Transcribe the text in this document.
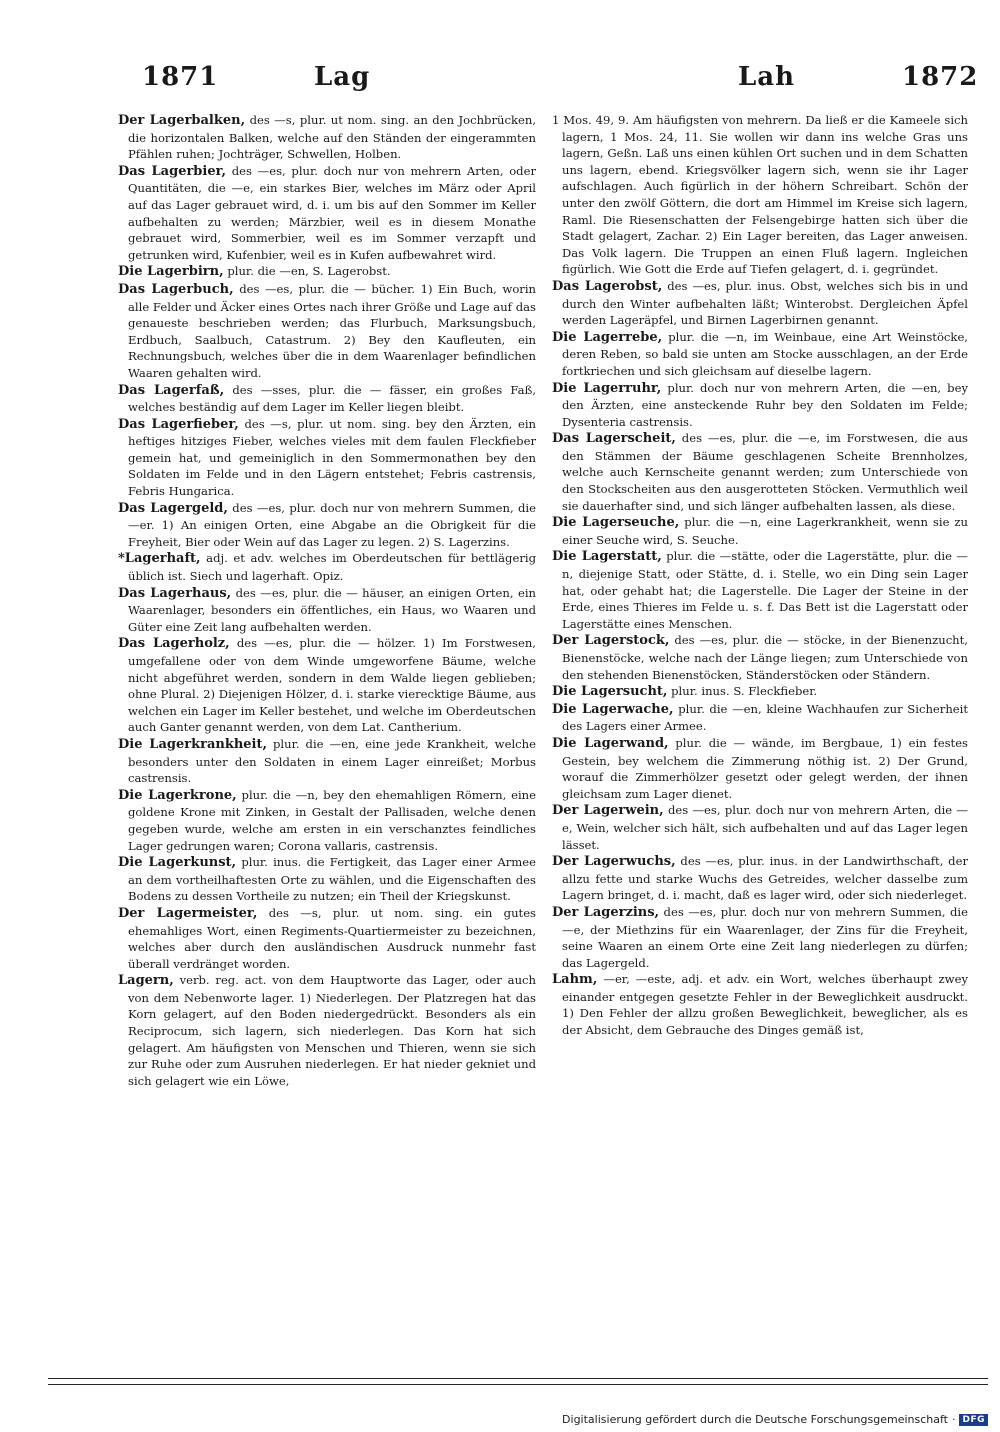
1871	Lag	Lah	1872

Der Lagerbalken, des —s, plur. ut nom. sing. an den Jochbrücken, die horizontalen Balken, welche auf den Ständen der eingerammten Pfählen ruhen; Jochträger, Schwellen, Holben.

Das Lagerbier, des —es, plur. doch nur von mehrern Arten, oder Quantitäten, die —e, ein starkes Bier, welches im März oder April auf das Lager gebrauet wird, d. i. um bis auf den Sommer im Keller aufbehalten zu werden; Märzbier, weil es in diesem Monathe gebrauet wird, Sommerbier, weil es im Sommer verzapft und getrunken wird, Kufenbier, weil es in Kufen aufbewahret wird.

Die Lagerbirn, plur. die —en, S. Lagerobst.

Das Lagerbuch, des —es, plur. die — bücher. 1) Ein Buch, worin alle Felder und Äcker eines Ortes nach ihrer Größe und Lage auf das genaueste beschrieben werden; das Flurbuch, Marksungsbuch, Erdbuch, Saalbuch, Catastrum. 2) Bey den Kaufleuten, ein Rechnungsbuch, welches über die in dem Waarenlager befindlichen Waaren gehalten wird.

Das Lagerfaß, des —sses, plur. die — fässer, ein großes Faß, welches beständig auf dem Lager im Keller liegen bleibt.

Das Lagerfieber, des —s, plur. ut nom. sing. bey den Ärzten, ein heftiges hitziges Fieber, welches vieles mit dem faulen Fleckfieber gemein hat, und gemeiniglich in den Sommermonathen bey den Soldaten im Felde und in den Lägern entstehet; Febris castrensis, Febris Hungarica.

Das Lagergeld, des —es, plur. doch nur von mehrern Summen, die —er. 1) An einigen Orten, eine Abgabe an die Obrigkeit für die Freyheit, Bier oder Wein auf das Lager zu legen. 2) S. Lagerzins.

*Lagerhaft, adj. et adv. welches im Oberdeutschen für bettlägerig üblich ist. Siech und lagerhaft. Opiz.

Das Lagerhaus, des —es, plur. die — häuser, an einigen Orten, ein Waarenlager, besonders ein öffentliches, ein Haus, wo Waaren und Güter eine Zeit lang aufbehalten werden.

Das Lagerholz, des —es, plur. die — hölzer. 1) Im Forstwesen, umgefallene oder von dem Winde umgeworfene Bäume, welche nicht abgeführet werden, sondern in dem Walde liegen geblieben; ohne Plural. 2) Diejenigen Hölzer, d. i. starke vierecktige Bäume, aus welchen ein Lager im Keller bestehet, und welche im Oberdeutschen auch Ganter genannt werden, von dem Lat. Cantherium.

Die Lagerkrankheit, plur. die —en, eine jede Krankheit, welche besonders unter den Soldaten in einem Lager einreißet; Morbus castrensis.

Die Lagerkrone, plur. die —n, bey den ehemahligen Römern, eine goldene Krone mit Zinken, in Gestalt der Pallisaden, welche denen gegeben wurde, welche am ersten in ein verschanztes feindliches Lager gedrungen waren; Corona vallaris, castrensis.

Die Lagerkunst, plur. inus. die Fertigkeit, das Lager einer Armee an dem vortheilhaftesten Orte zu wählen, und die Eigenschaften des Bodens zu dessen Vortheile zu nutzen; ein Theil der Kriegskunst.

Der Lagermeister, des —s, plur. ut nom. sing. ein gutes ehemahliges Wort, einen Regiments-Quartiermeister zu bezeichnen, welches aber durch den ausländischen Ausdruck nunmehr fast überall verdränget worden.

Lagern, verb. reg. act. von dem Hauptworte das Lager, oder auch von dem Nebenworte lager. 1) Niederlegen. Der Platzregen hat das Korn gelagert, auf den Boden niedergedrückt. Besonders als ein Reciprocum, sich lagern, sich niederlegen. Das Korn hat sich gelagert. Am häufigsten von Menschen und Thieren, wenn sie sich zur Ruhe oder zum Ausruhen niederlegen. Er hat nieder gekniet und sich gelagert wie ein Löwe,

1 Mos. 49, 9. Am häufigsten von mehrern. Da ließ er die Kameele sich lagern, 1 Mos. 24, 11. Sie wollen wir dann ins welche Gras uns lagern, Geßn. Laß uns einen kühlen Ort suchen und in dem Schatten uns lagern, ebend. Kriegsvölker lagern sich, wenn sie ihr Lager aufschlagen. Auch figürlich in der höhern Schreibart. Schön der unter den zwölf Göttern, die dort am Himmel im Kreise sich lagern, Raml. Die Riesenschatten der Felsengebirge hatten sich über die Stadt gelagert, Zachar. 2) Ein Lager bereiten, das Lager anweisen. Das Volk lagern. Die Truppen an einen Fluß lagern. Ingleichen figürlich. Wie Gott die Erde auf Tiefen gelagert, d. i. gegründet.

Das Lagerobst, des —es, plur. inus. Obst, welches sich bis in und durch den Winter aufbehalten läßt; Winterobst. Dergleichen Äpfel werden Lageräpfel, und Birnen Lagerbirnen genannt.

Die Lagerrebe, plur. die —n, im Weinbaue, eine Art Weinstöcke, deren Reben, so bald sie unten am Stocke ausschlagen, an der Erde fortkriechen und sich gleichsam auf dieselbe lagern.

Die Lagerruhr, plur. doch nur von mehrern Arten, die —en, bey den Ärzten, eine ansteckende Ruhr bey den Soldaten im Felde; Dysenteria castrensis.

Das Lagerscheit, des —es, plur. die —e, im Forstwesen, die aus den Stämmen der Bäume geschlagenen Scheite Brennholzes, welche auch Kernscheite genannt werden; zum Unterschiede von den Stockscheiten aus den ausgerotteten Stöcken. Vermuthlich weil sie dauerhafter sind, und sich länger aufbehalten lassen, als diese.

Die Lagerseuche, plur. die —n, eine Lagerkrankheit, wenn sie zu einer Seuche wird, S. Seuche.

Die Lagerstatt, plur. die —stätte, oder die Lagerstätte, plur. die —n, diejenige Statt, oder Stätte, d. i. Stelle, wo ein Ding sein Lager hat, oder gehabt hat; die Lagerstelle. Die Lager der Steine in der Erde, eines Thieres im Felde u. s. f. Das Bett ist die Lagerstatt oder Lagerstätte eines Menschen.

Der Lagerstock, des —es, plur. die — stöcke, in der Bienenzucht, Bienenstöcke, welche nach der Länge liegen; zum Unterschiede von den stehenden Bienenstöcken, Ständerstöcken oder Ständern.

Die Lagersucht, plur. inus. S. Fleckfieber.

Die Lagerwache, plur. die —en, kleine Wachhaufen zur Sicherheit des Lagers einer Armee.

Die Lagerwand, plur. die — wände, im Bergbaue, 1) ein festes Gestein, bey welchem die Zimmerung nöthig ist. 2) Der Grund, worauf die Zimmerhölzer gesetzt oder gelegt werden, der ihnen gleichsam zum Lager dienet.

Der Lagerwein, des —es, plur. doch nur von mehrern Arten, die —e, Wein, welcher sich hält, sich aufbehalten und auf das Lager legen lässet.

Der Lagerwuchs, des —es, plur. inus. in der Landwirthschaft, der allzu fette und starke Wuchs des Getreides, welcher dasselbe zum Lagern bringet, d. i. macht, daß es lager wird, oder sich niederleget.

Der Lagerzins, des —es, plur. doch nur von mehrern Summen, die —e, der Miethzins für ein Waarenlager, der Zins für die Freyheit, seine Waaren an einem Orte eine Zeit lang niederlegen zu dürfen; das Lagergeld.

Lahm, —er, —este, adj. et adv. ein Wort, welches überhaupt zwey einander entgegen gesetzte Fehler in der Beweglichkeit ausdruckt. 1) Den Fehler der allzu großen Beweglichkeit, beweglicher, als es der Absicht, dem Gebrauche des Dinges gemäß ist,

Digitalisierung gefördert durch die Deutsche Forschungsgemeinschaft · DFG
